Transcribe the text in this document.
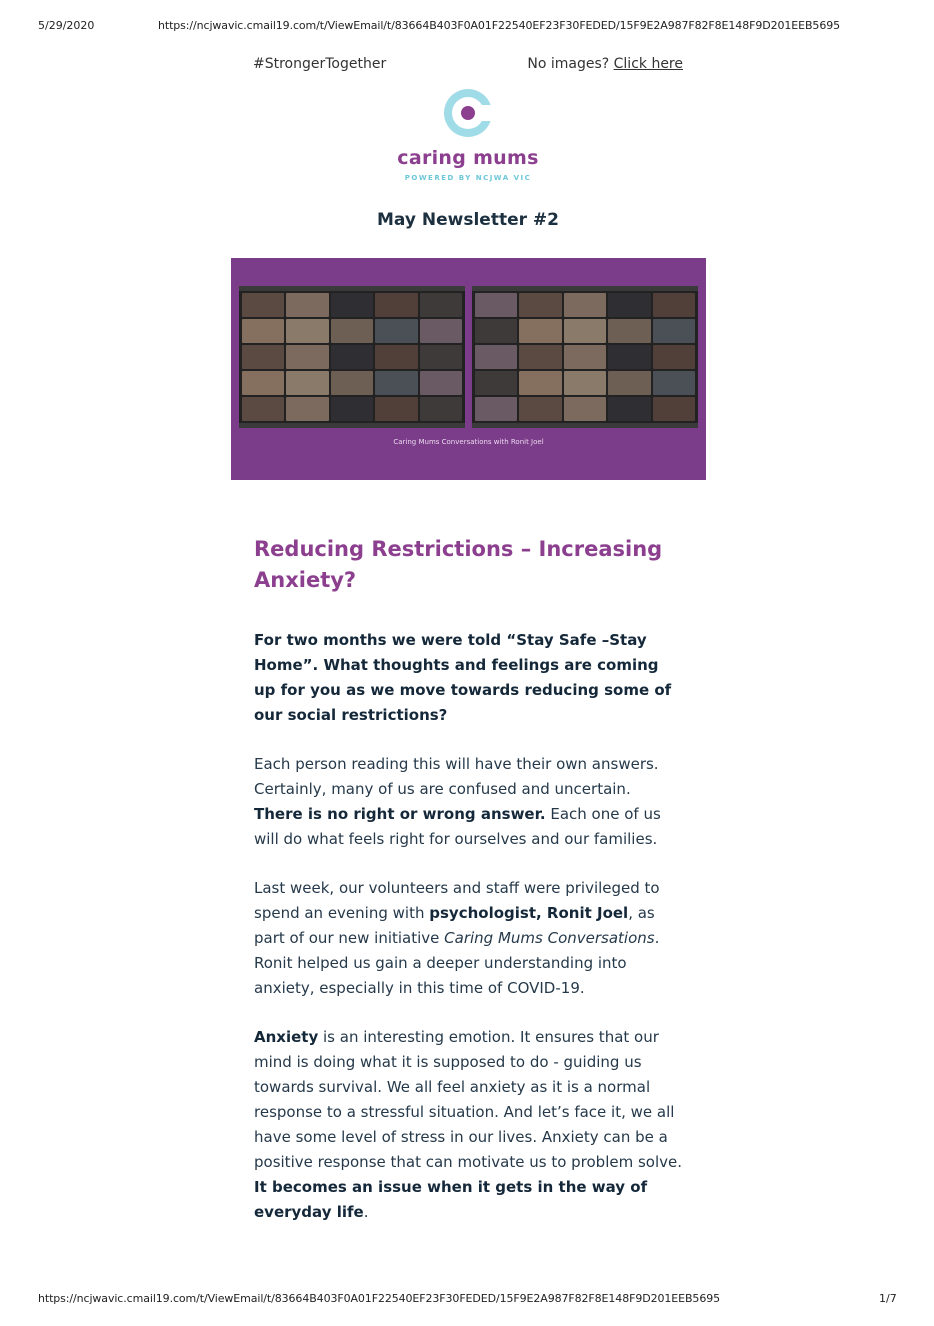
5/29/2020	https://ncjwavic.cmail19.com/t/ViewEmail/t/83664B403F0A01F22540EF23F30FEDED/15F9E2A987F82F8E148F9D201EEB5695
#StrongerTogether	No images? Click here
caring mums
POWERED BY NCJWA VIC
May Newsletter #2
Caring Mums Conversations with Ronit Joel
Reducing Restrictions – Increasing Anxiety?

For two months we were told “Stay Safe –Stay Home”. What thoughts and feelings are coming up for you as we move towards reducing some of our social restrictions?

Each person reading this will have their own answers. Certainly, many of us are confused and uncertain. There is no right or wrong answer. Each one of us will do what feels right for ourselves and our families.

Last week, our volunteers and staff were privileged to spend an evening with psychologist, Ronit Joel, as part of our new initiative Caring Mums Conversations. Ronit helped us gain a deeper understanding into anxiety, especially in this time of COVID-19.

Anxiety is an interesting emotion. It ensures that our mind is doing what it is supposed to do - guiding us towards survival. We all feel anxiety as it is a normal response to a stressful situation. And let’s face it, we all have some level of stress in our lives. Anxiety can be a positive response that can motivate us to problem solve. It becomes an issue when it gets in the way of everyday life.

https://ncjwavic.cmail19.com/t/ViewEmail/t/83664B403F0A01F22540EF23F30FEDED/15F9E2A987F82F8E148F9D201EEB5695	1/7
